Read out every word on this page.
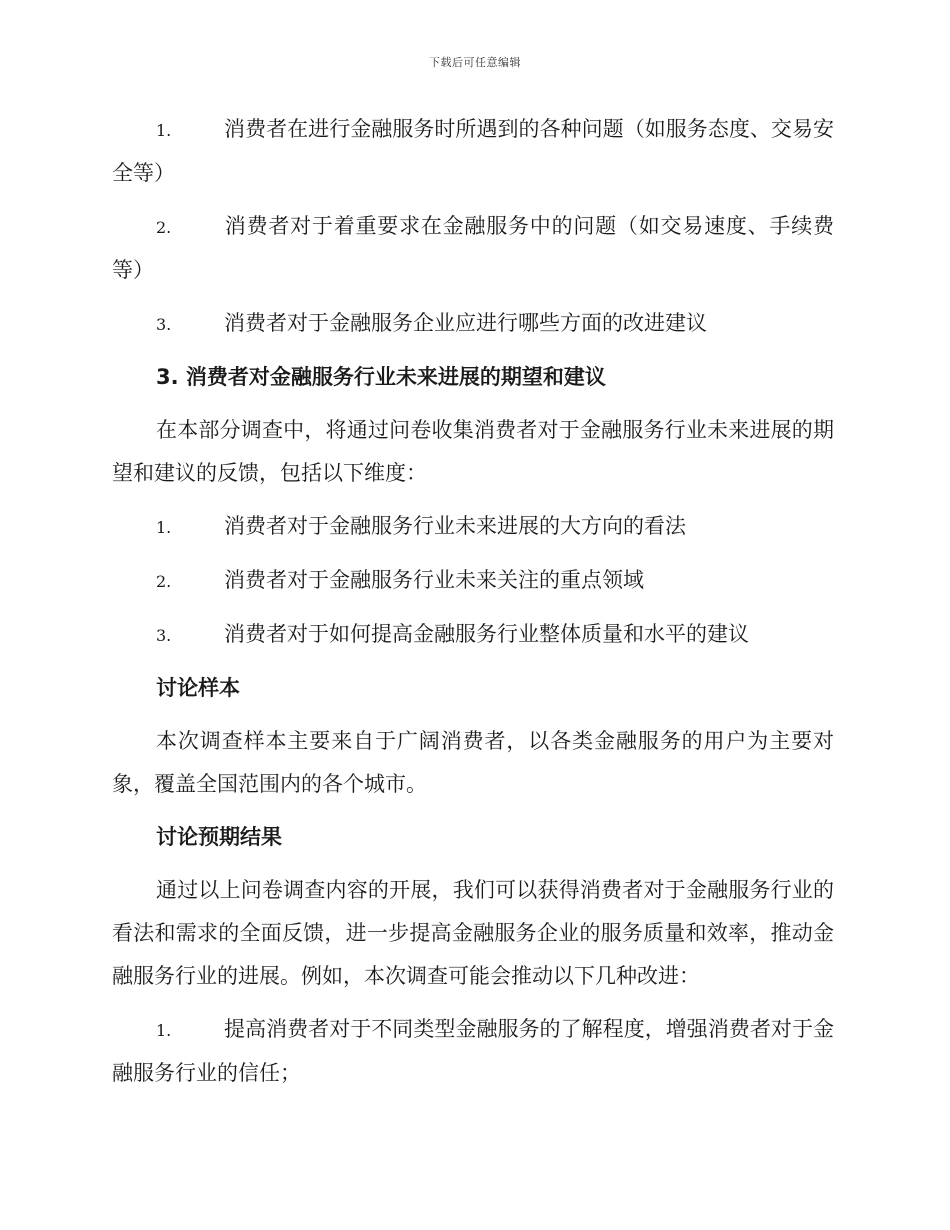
下载后可任意编辑
1.	消费者在进行金融服务时所遇到的各种问题（如服务态度、交易安全等）
2.	消费者对于着重要求在金融服务中的问题（如交易速度、手续费等）
3.	消费者对于金融服务企业应进行哪些方面的改进建议
3. 消费者对金融服务行业未来进展的期望和建议

在本部分调查中，将通过问卷收集消费者对于金融服务行业未来进展的期望和建议的反馈，包括以下维度：

1.	消费者对于金融服务行业未来进展的大方向的看法
2.	消费者对于金融服务行业未来关注的重点领域
3.	消费者对于如何提高金融服务行业整体质量和水平的建议
讨论样本

本次调查样本主要来自于广阔消费者，以各类金融服务的用户为主要对象，覆盖全国范围内的各个城市。

讨论预期结果

通过以上问卷调查内容的开展，我们可以获得消费者对于金融服务行业的看法和需求的全面反馈，进一步提高金融服务企业的服务质量和效率，推动金融服务行业的进展。例如，本次调查可能会推动以下几种改进：

1.	提高消费者对于不同类型金融服务的了解程度，增强消费者对于金融服务行业的信任；
